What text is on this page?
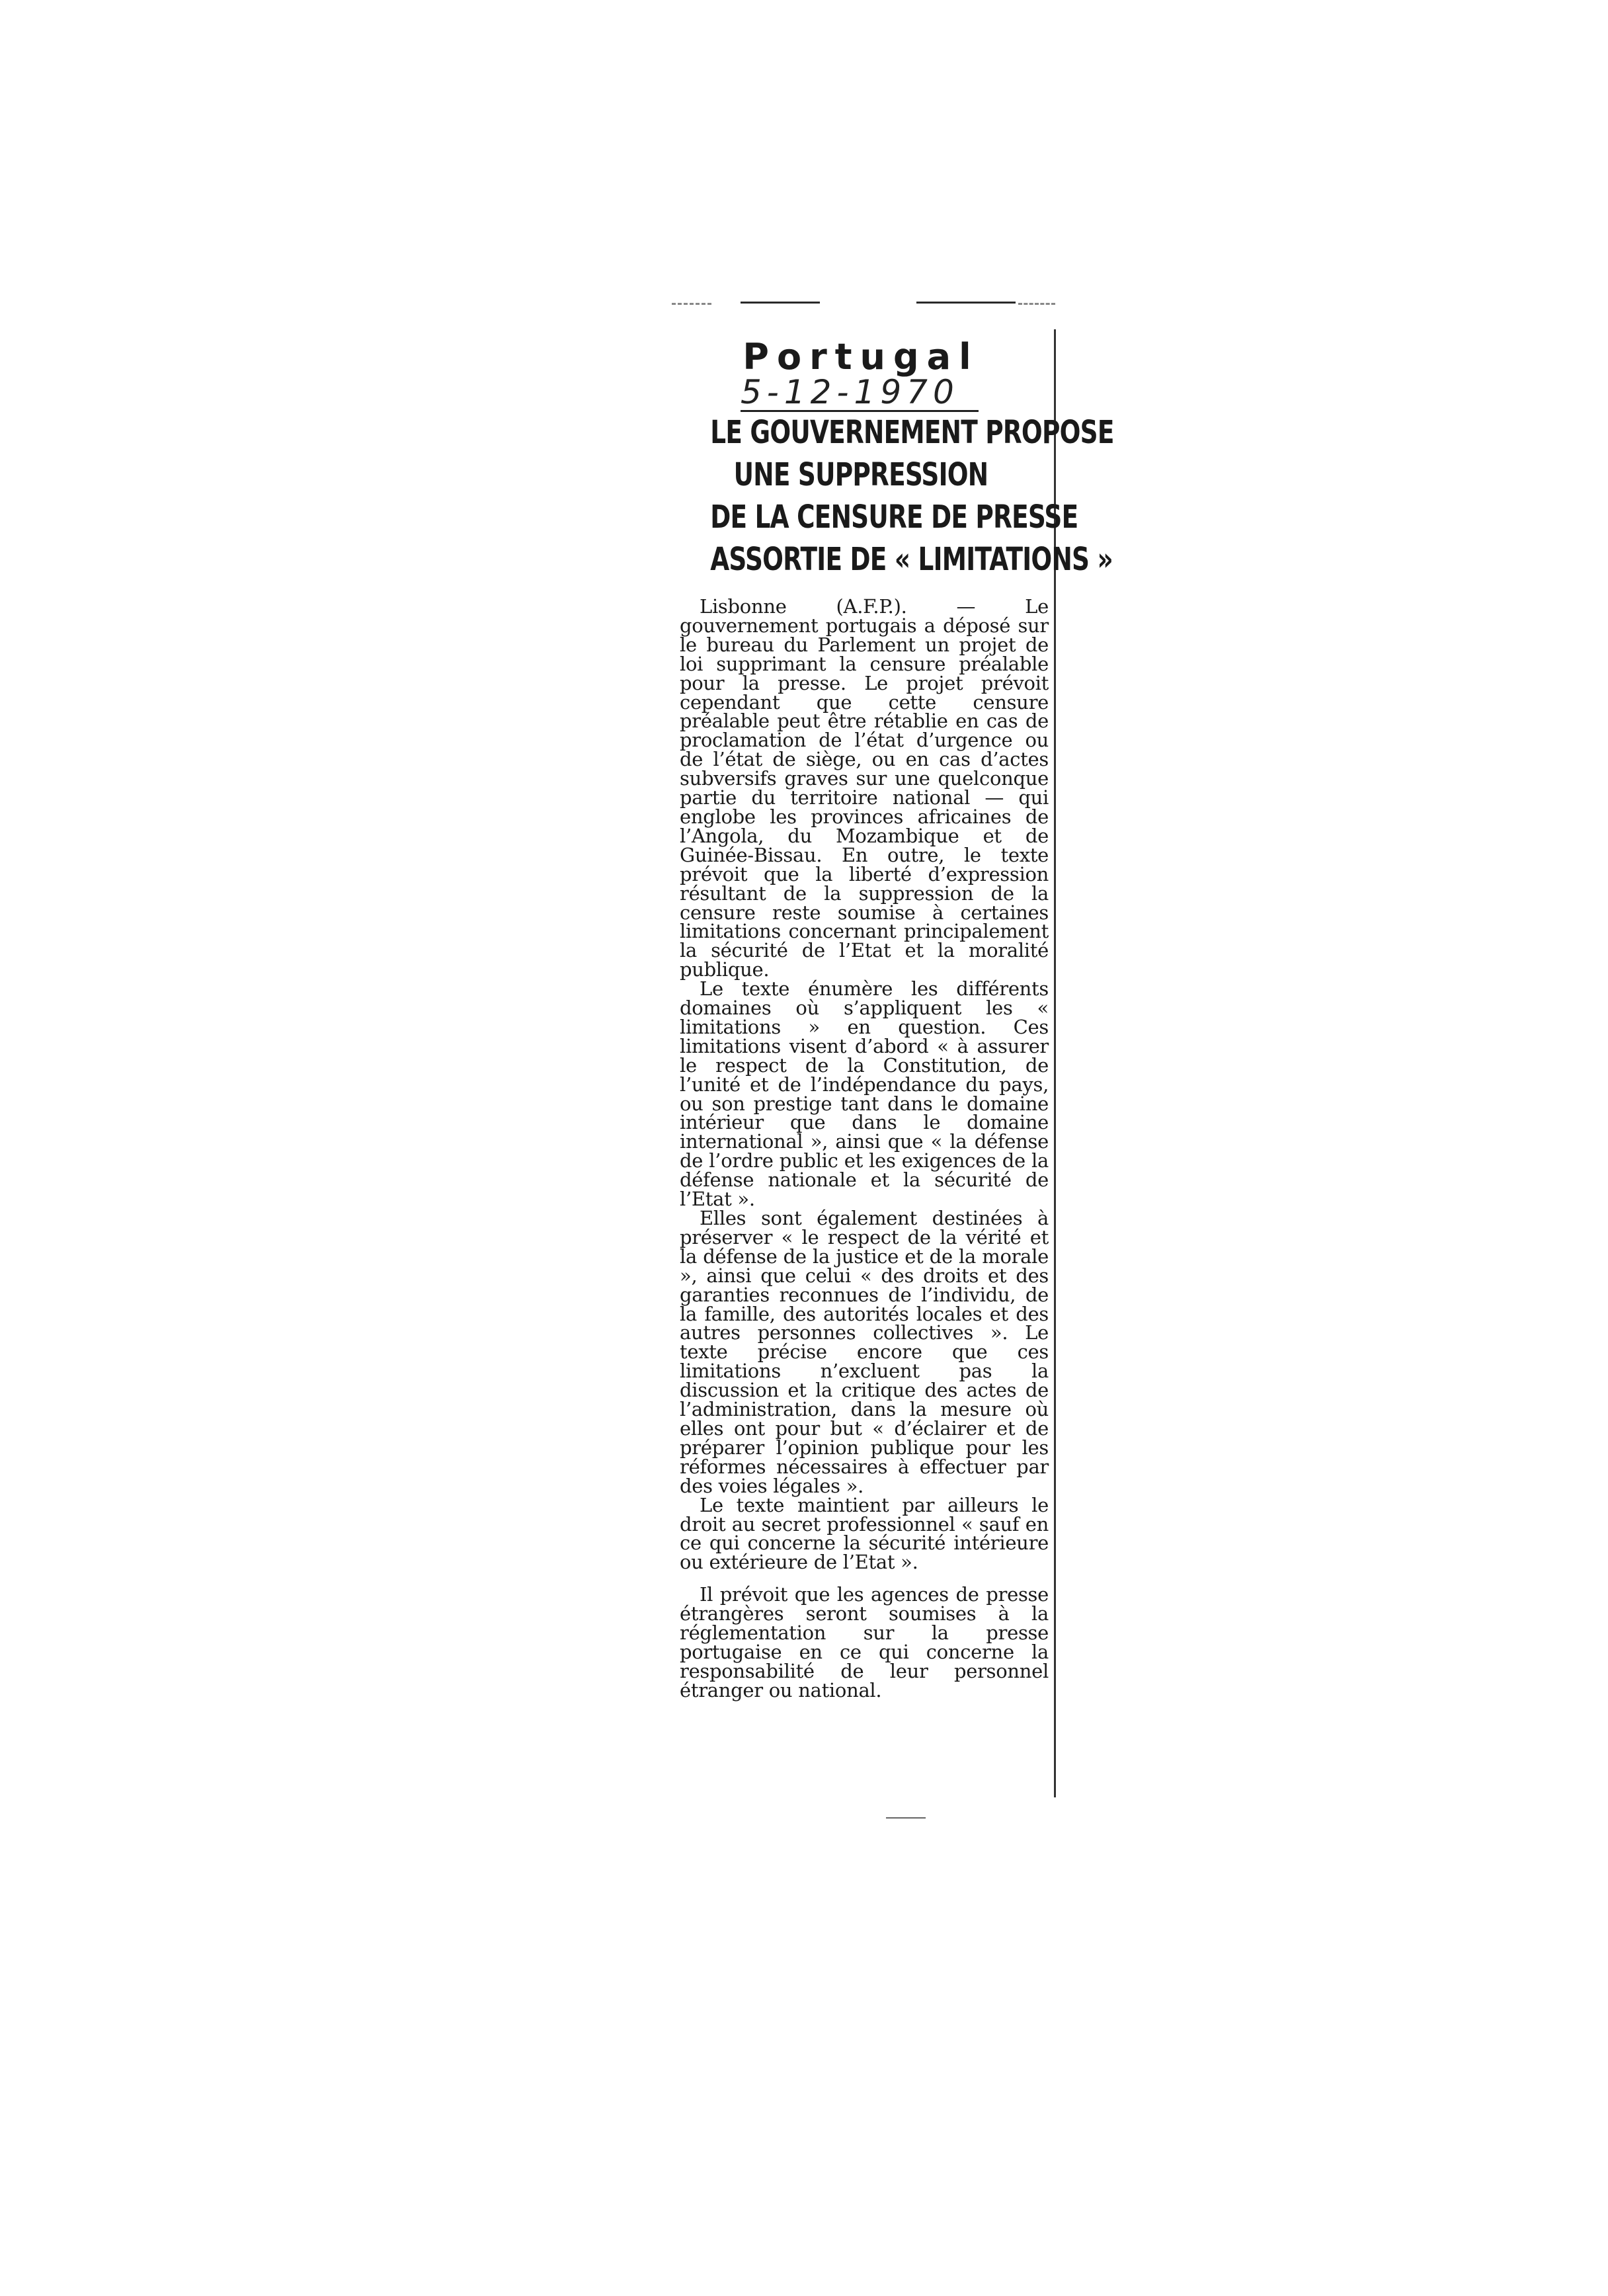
Portugal
5-12-1970
LE GOUVERNEMENT PROPOSE
UNE SUPPRESSION
DE LA CENSURE DE PRESSE
ASSORTIE DE « LIMITATIONS »

Lisbonne (A.F.P.). — Le gouvernement portugais a déposé sur le bureau du Parlement un projet de loi supprimant la censure préalable pour la presse. Le projet prévoit cependant que cette censure préalable peut être rétablie en cas de proclamation de l’état d’urgence ou de l’état de siège, ou en cas d’actes subversifs graves sur une quelconque partie du territoire national — qui englobe les provinces africaines de l’Angola, du Mozambique et de Guinée-Bissau. En outre, le texte prévoit que la liberté d’expression résultant de la suppression de la censure reste soumise à certaines limitations concernant principalement la sécurité de l’Etat et la moralité publique.

Le texte énumère les différents domaines où s’appliquent les « limitations » en question. Ces limitations visent d’abord « à assurer le respect de la Constitution, de l’unité et de l’indépendance du pays, ou son prestige tant dans le domaine intérieur que dans le domaine international », ainsi que « la défense de l’ordre public et les exigences de la défense nationale et la sécurité de l’Etat ».

Elles sont également destinées à préserver « le respect de la vérité et la défense de la justice et de la morale », ainsi que celui « des droits et des garanties reconnues de l’individu, de la famille, des autorités locales et des autres personnes collectives ». Le texte précise encore que ces limitations n’excluent pas la discussion et la critique des actes de l’administration, dans la mesure où elles ont pour but « d’éclairer et de préparer l’opinion publique pour les réformes nécessaires à effectuer par des voies légales ».

Le texte maintient par ailleurs le droit au secret professionnel « sauf en ce qui concerne la sécurité intérieure ou extérieure de l’Etat ».

Il prévoit que les agences de presse étrangères seront soumises à la réglementation sur la presse portugaise en ce qui concerne la responsabilité de leur personnel étranger ou national.
